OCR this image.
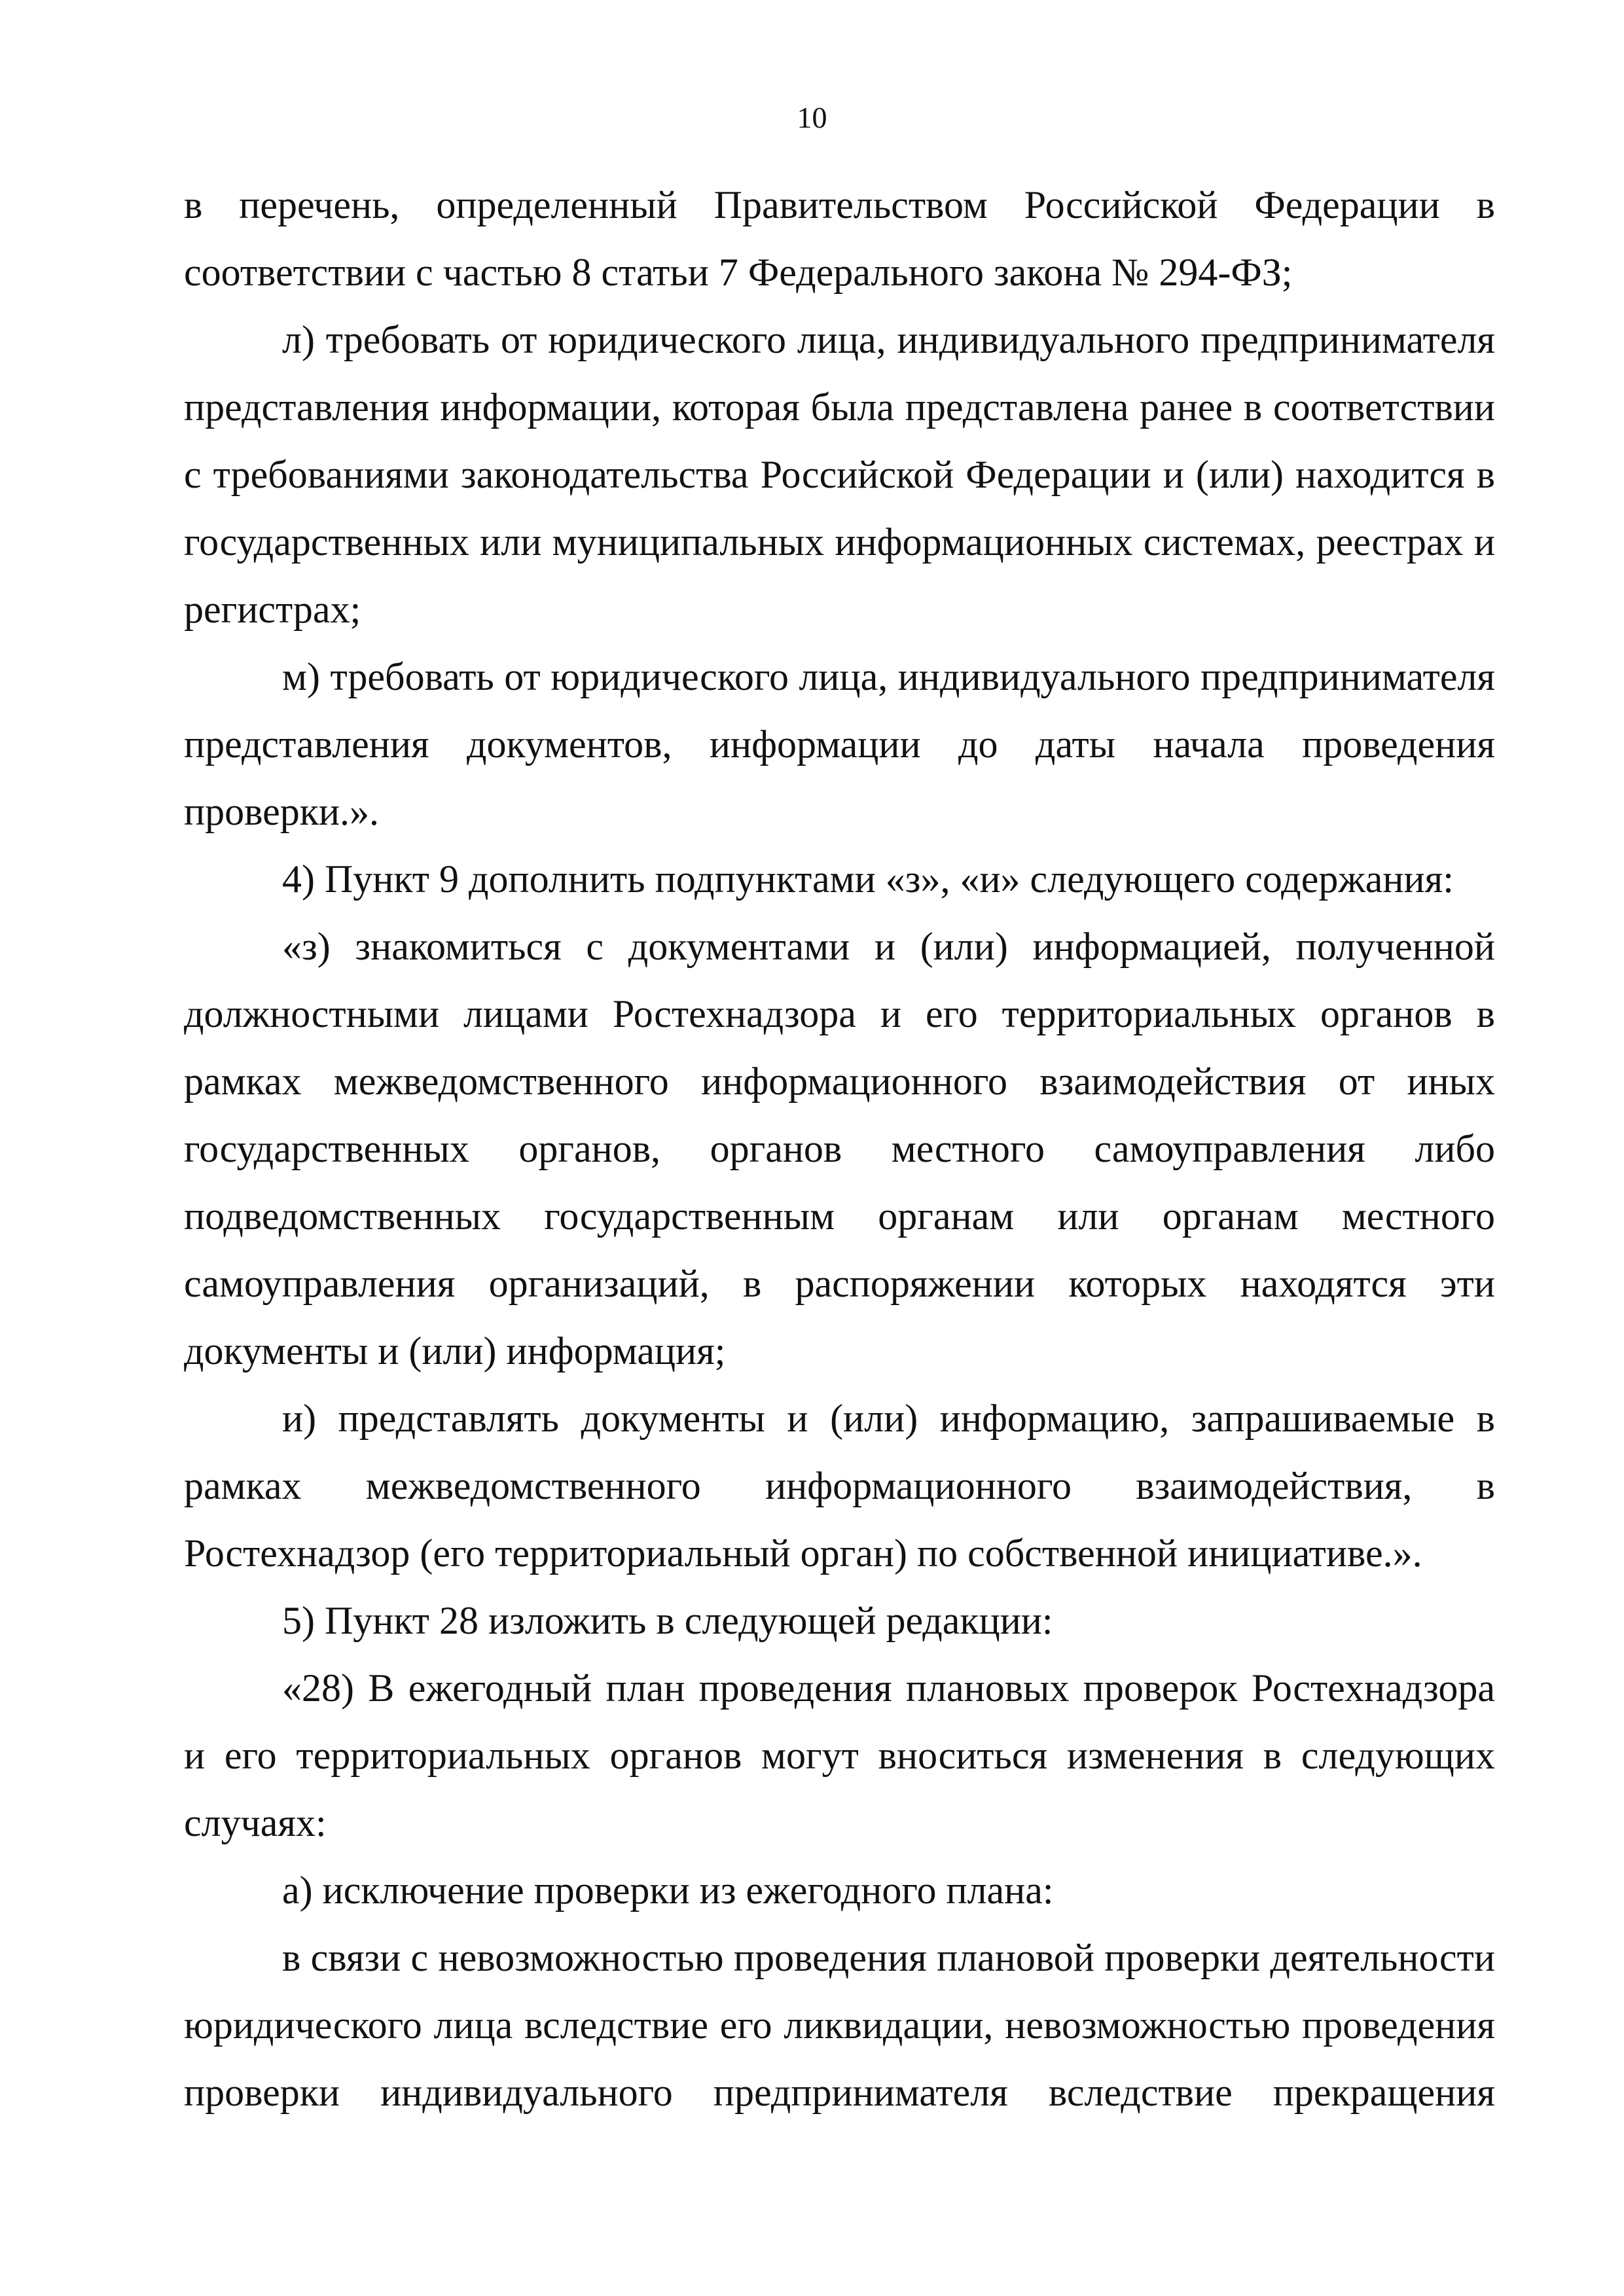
10

в перечень, определенный Правительством Российской Федерации в соответствии с частью 8 статьи 7 Федерального закона № 294-ФЗ;

л) требовать от юридического лица, индивидуального предпринимателя представления информации, которая была представлена ранее в соответствии с требованиями законодательства Российской Федерации и (или) находится в государственных или муниципальных информационных системах, реестрах и регистрах;

м) требовать от юридического лица, индивидуального предпринимателя представления документов, информации до даты начала проведения проверки.».

4) Пункт 9 дополнить подпунктами «з», «и» следующего содержания:

«з) знакомиться с документами и (или) информацией, полученной должностными лицами Ростехнадзора и его территориальных органов в рамках межведомственного информационного взаимодействия от иных государственных органов, органов местного самоуправления либо подведомственных государственным органам или органам местного самоуправления организаций, в распоряжении которых находятся эти документы и (или) информация;

и) представлять документы и (или) информацию, запрашиваемые в рамках межведомственного информационного взаимодействия, в Ростехнадзор (его территориальный орган) по собственной инициативе.».

5) Пункт 28 изложить в следующей редакции:

«28) В ежегодный план проведения плановых проверок Ростехнадзора и его территориальных органов могут вноситься изменения в следующих случаях:

а) исключение проверки из ежегодного плана:

в связи с невозможностью проведения плановой проверки деятельности юридического лица вследствие его ликвидации, невозможностью проведения проверки индивидуального предпринимателя вследствие прекращения
